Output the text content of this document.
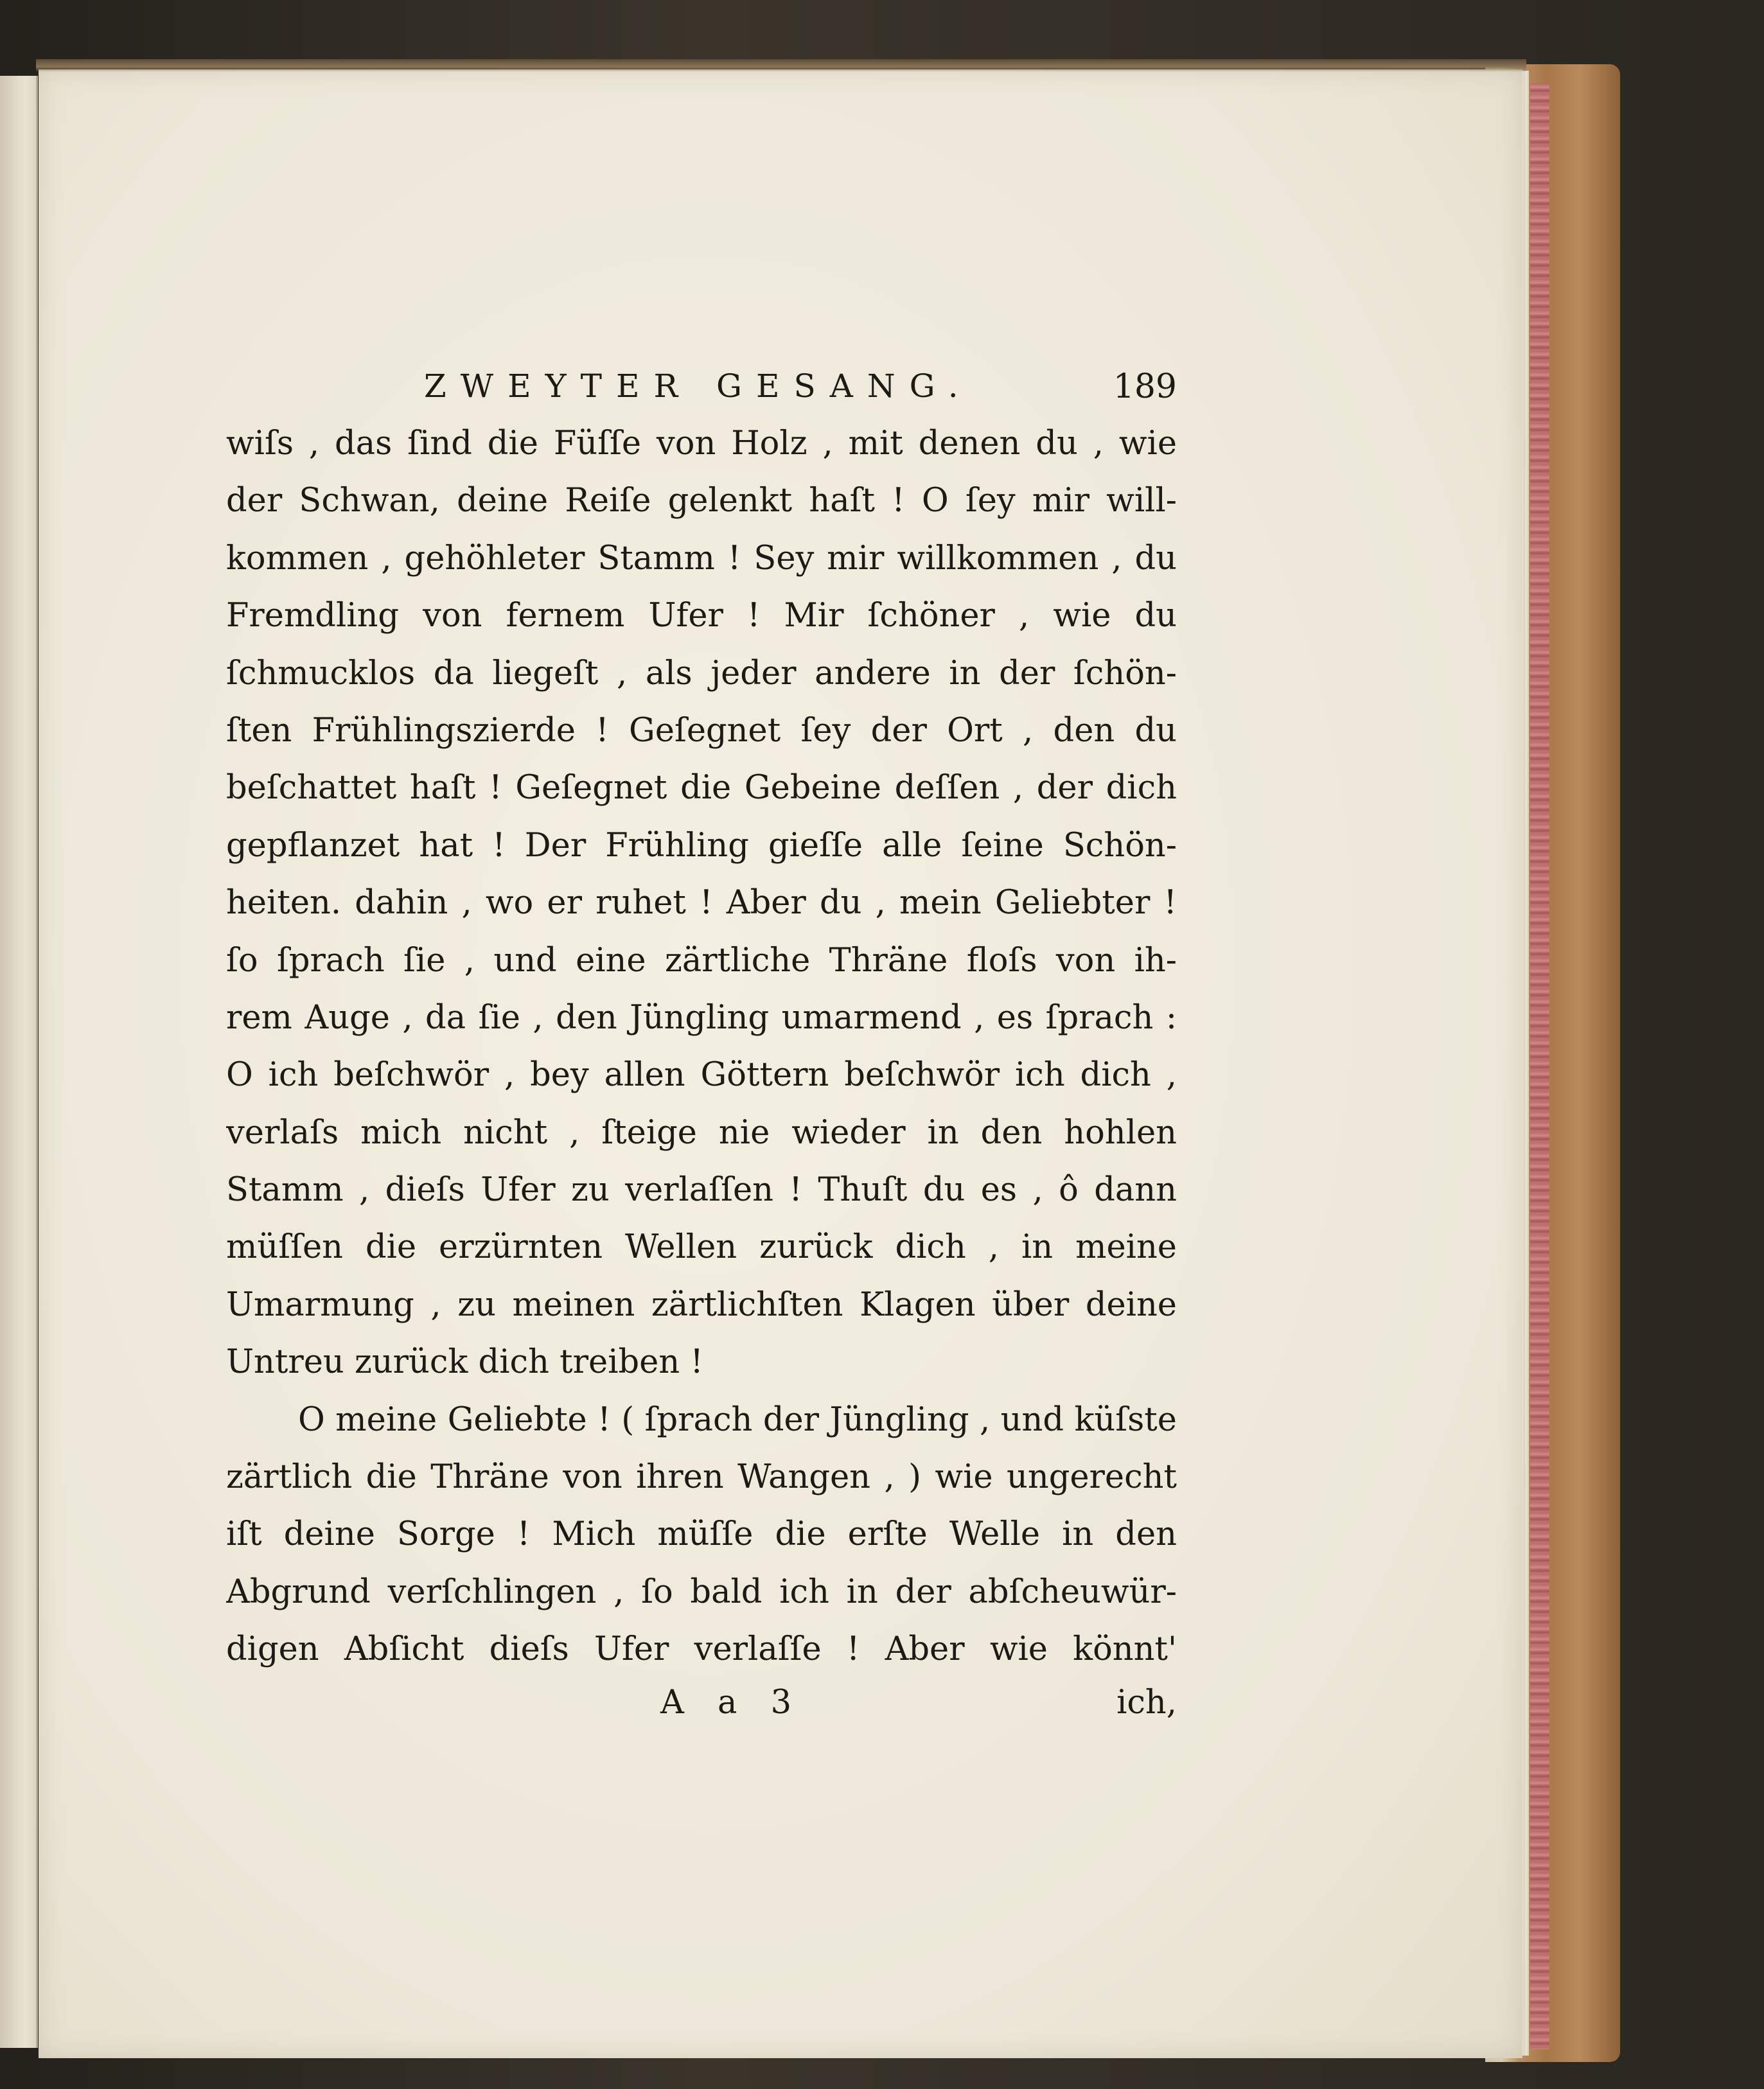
ZWEYTER GESANG.	189
wiſs , das ſind die Füſſe von Holz , mit denen du , wie
der Schwan, deine Reiſe gelenkt haſt ! O ſey mir will-
kommen , gehöhleter Stamm ! Sey mir willkommen , du
Fremdling von fernem Ufer ! Mir ſchöner , wie du
ſchmucklos da liegeſt , als jeder andere in der ſchön-
ſten Frühlingszierde ! Geſegnet ſey der Ort , den du
beſchattet haſt ! Geſegnet die Gebeine deſſen , der dich
gepflanzet hat ! Der Frühling gieſſe alle ſeine Schön-
heiten. dahin , wo er ruhet ! Aber du , mein Geliebter !
ſo ſprach ſie , und eine zärtliche Thräne floſs von ih-
rem Auge , da ſie , den Jüngling umarmend , es ſprach :
O ich beſchwör , bey allen Göttern beſchwör ich dich ,
verlaſs mich nicht , ſteige nie wieder in den hohlen
Stamm , dieſs Ufer zu verlaſſen ! Thuſt du es , ô dann
müſſen die erzürnten Wellen zurück dich , in meine
Umarmung , zu meinen zärtlichſten Klagen über deine
Untreu zurück dich treiben !
O meine Geliebte ! ( ſprach der Jüngling , und küſste
zärtlich die Thräne von ihren Wangen , ) wie ungerecht
iſt deine Sorge ! Mich müſſe die erſte Welle in den
Abgrund verſchlingen , ſo bald ich in der abſcheuwür-
digen Abſicht dieſs Ufer verlaſſe ! Aber wie könnt'
A a 3	ich,
